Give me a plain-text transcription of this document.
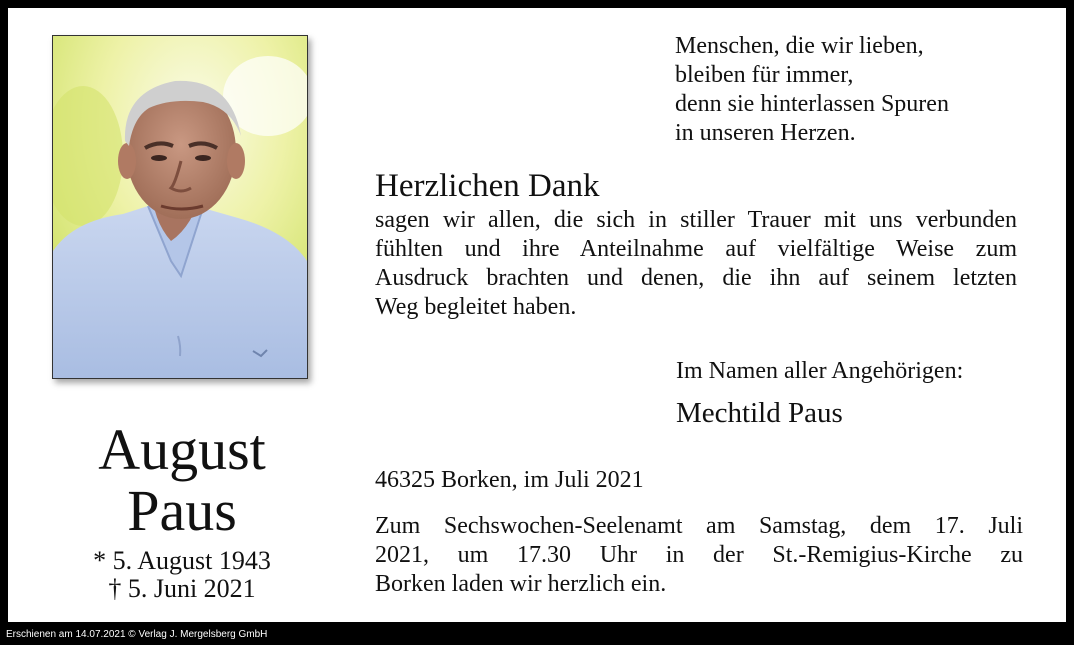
August
Paus
* 5. August 1943
† 5. Juni 2021
Menschen, die wir lieben,
bleiben für immer,
denn sie hinterlassen Spuren
in unseren Herzen.
Herzlichen Dank
sagen wir allen, die sich in stiller Trauer mit uns verbunden
fühlten und ihre Anteilnahme auf vielfältige Weise zum
Ausdruck brachten und denen, die ihn auf seinem letzten
Weg begleitet haben.
Im Namen aller Angehörigen:
Mechtild Paus
46325 Borken, im Juli 2021
Zum Sechswochen-Seelenamt am Samstag, dem 17. Juli
2021, um 17.30 Uhr in der St.-Remigius-Kirche zu
Borken laden wir herzlich ein.
Erschienen am 14.07.2021 © Verlag J. Mergelsberg GmbH
